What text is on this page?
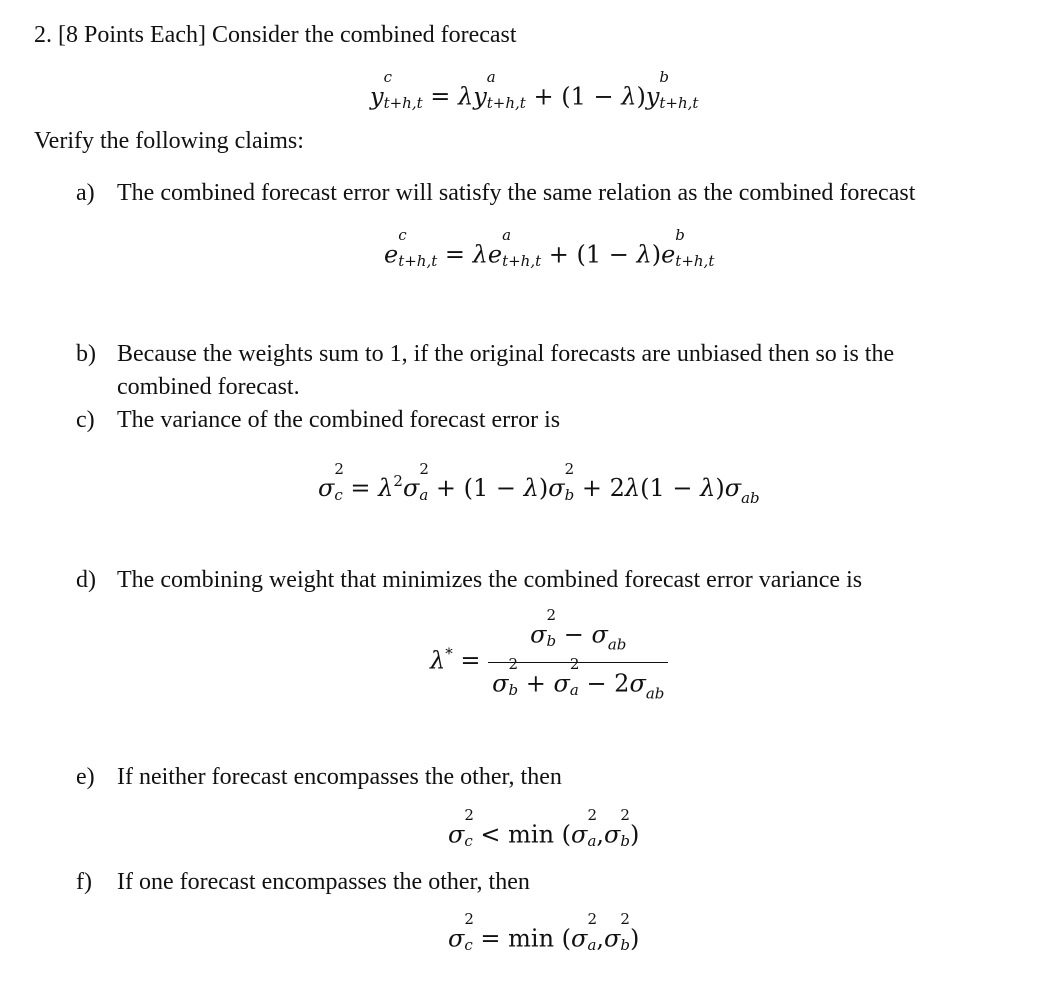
2. [8 Points Each] Consider the combined forecast
y
c
$_{t+h,t}$ = λy
a
$_{t+h,t}$ + (1 − λ)y
b
$_{t+h,t}$
Verify the following claims:
a) The combined forecast error will satisfy the same relation as the combined forecast
e
c
$_{t+h,t}$ = λe
a
$_{t+h,t}$ + (1 − λ)e
b
$_{t+h,t}$
b) Because the weights sum to 1, if the original forecasts are unbiased then so is the
combined forecast.
c) The variance of the combined forecast error is
σ
2
$_c = \lambda^2\sigma$
2
$_a$ + (1 − λ)σ
2
$_b + 2\lambda(1 - \lambda)\sigma_{ab}$
d) The combining weight that minimizes the combined forecast error variance is
λ* = σ
2
$_b - \sigma_{ab}$
σ
2
$_b$ + σ
2
$_a - 2\sigma_{ab}$
e) If neither forecast encompasses the other, then
σ
2
$_c$ < min (σ
2
$_a$,σ
2
$_b$)
f) If one forecast encompasses the other, then
σ
2
$_c$ = min (σ
2
$_a$,σ
2
$_b$)
